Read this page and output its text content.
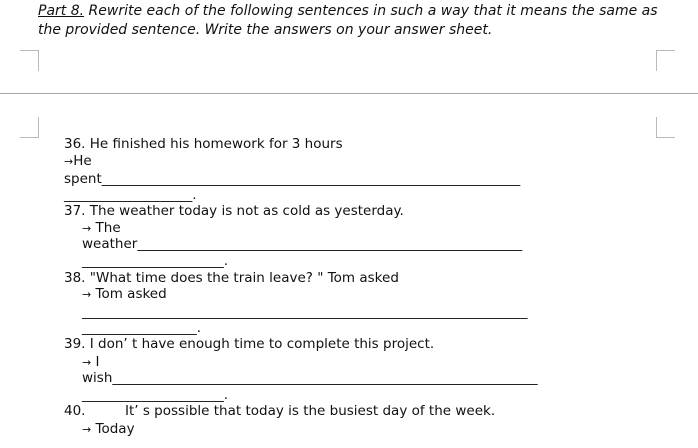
Part 8. Rewrite each of the following sentences in such a way that it means the same as the provided sentence. Write the answers on your answer sheet.
36. He finished his homework for 3 hours
→He
spent______________________________________________________________
___________________.
37. The weather today is not as cold as yesterday.
→ The
weather_________________________________________________________
_____________________.
38. "What time does the train leave? " Tom asked
→ Tom asked
__________________________________________________________________
_________________.
39. I don’ t have enough time to complete this project.
→ I
wish_______________________________________________________________
_____________________.
40.	It’ s possible that today is the busiest day of the week.
→ Today
